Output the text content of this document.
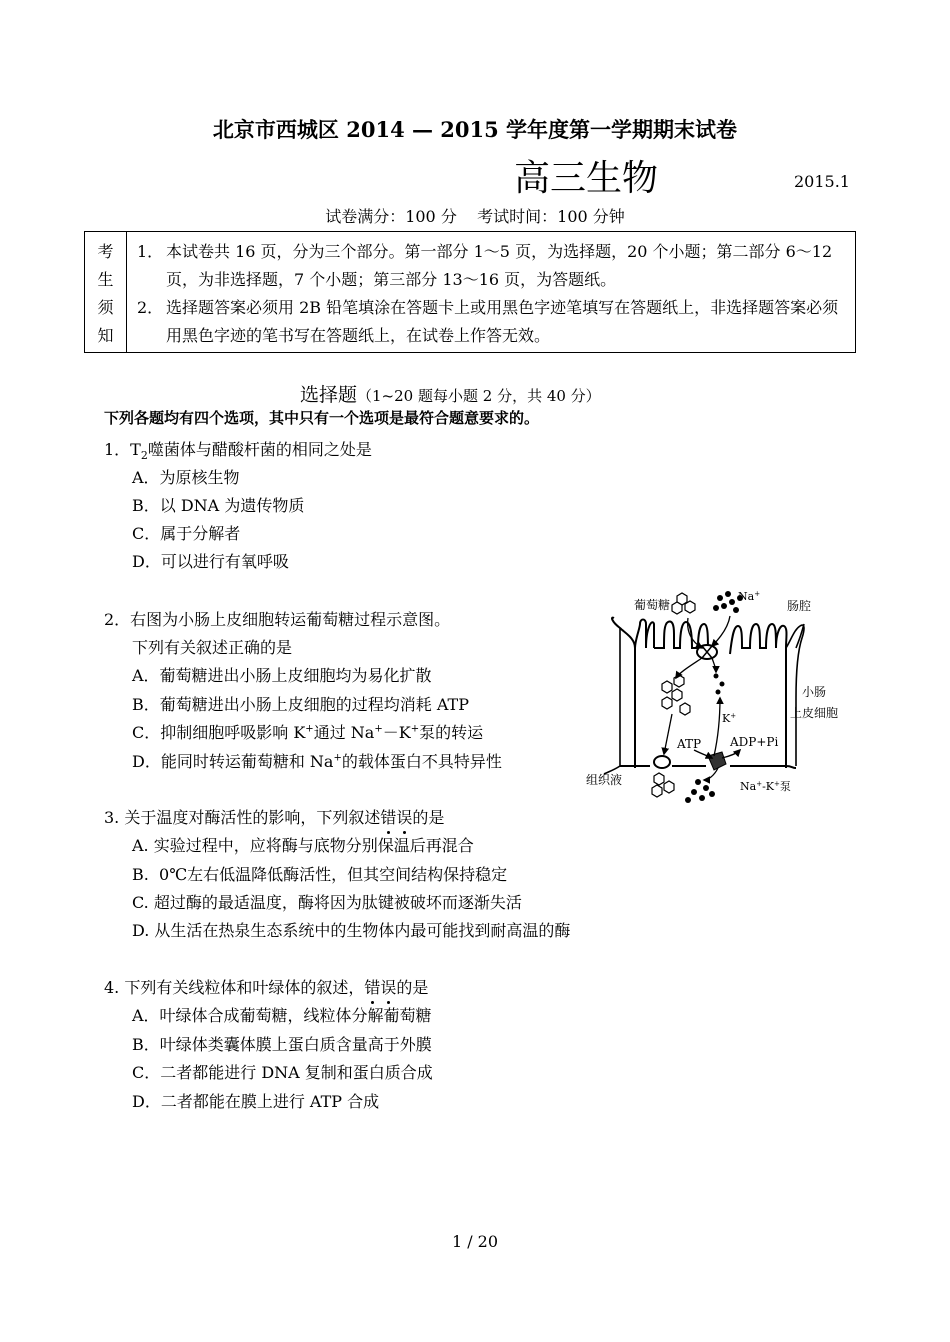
北京市西城区 2014 — 2015 学年度第一学期期末试卷
高三生物	2015.1
试卷满分：100 分    考试时间：100 分钟
考
生
须
知
1． 本试卷共 16 页，分为三个部分。第一部分 1～5 页，为选择题，20 个小题；第二部分 6～12 页，为非选择题，7 个小题；第三部分 13～16 页，为答题纸。
2． 选择题答案必须用 2B 铅笔填涂在答题卡上或用黑色字迹笔填写在答题纸上，非选择题答案必须用黑色字迹的笔书写在答题纸上，在试卷上作答无效。
选择题（1~20 题每小题 2 分，共 40 分）
下列各题均有四个选项，其中只有一个选项是最符合题意要求的。
1．$T_2$噬菌体与醋酸杆菌的相同之处是
A．为原核生物
B．以 DNA 为遗传物质
C．属于分解者
D．可以进行有氧呼吸
2．右图为小肠上皮细胞转运葡萄糖过程示意图。
下列有关叙述正确的是
A．葡萄糖进出小肠上皮细胞均为易化扩散
B．葡萄糖进出小肠上皮细胞的过程均消耗 ATP
C．抑制细胞呼吸影响 K+通过 Na+－K+泵的转运
D．能同时转运葡萄糖和 Na+的载体蛋白不具特异性
葡萄糖
Na+
肠腔
小肠
上皮细胞
K+
ATP ADP+Pi
组织液	Na+-K+泵
3. 关于温度对酶活性的影响，下列叙述错误的是
A. 实验过程中，应将酶与底物分别保温后再混合
B.  0℃左右低温降低酶活性，但其空间结构保持稳定
C. 超过酶的最适温度，酶将因为肽键被破坏而逐渐失活
D. 从生活在热泉生态系统中的生物体内最可能找到耐高温的酶
4. 下列有关线粒体和叶绿体的叙述，错误的是
A．叶绿体合成葡萄糖，线粒体分解葡萄糖
B．叶绿体类囊体膜上蛋白质含量高于外膜
C．二者都能进行 DNA 复制和蛋白质合成
D．二者都能在膜上进行 ATP 合成
1 / 20
